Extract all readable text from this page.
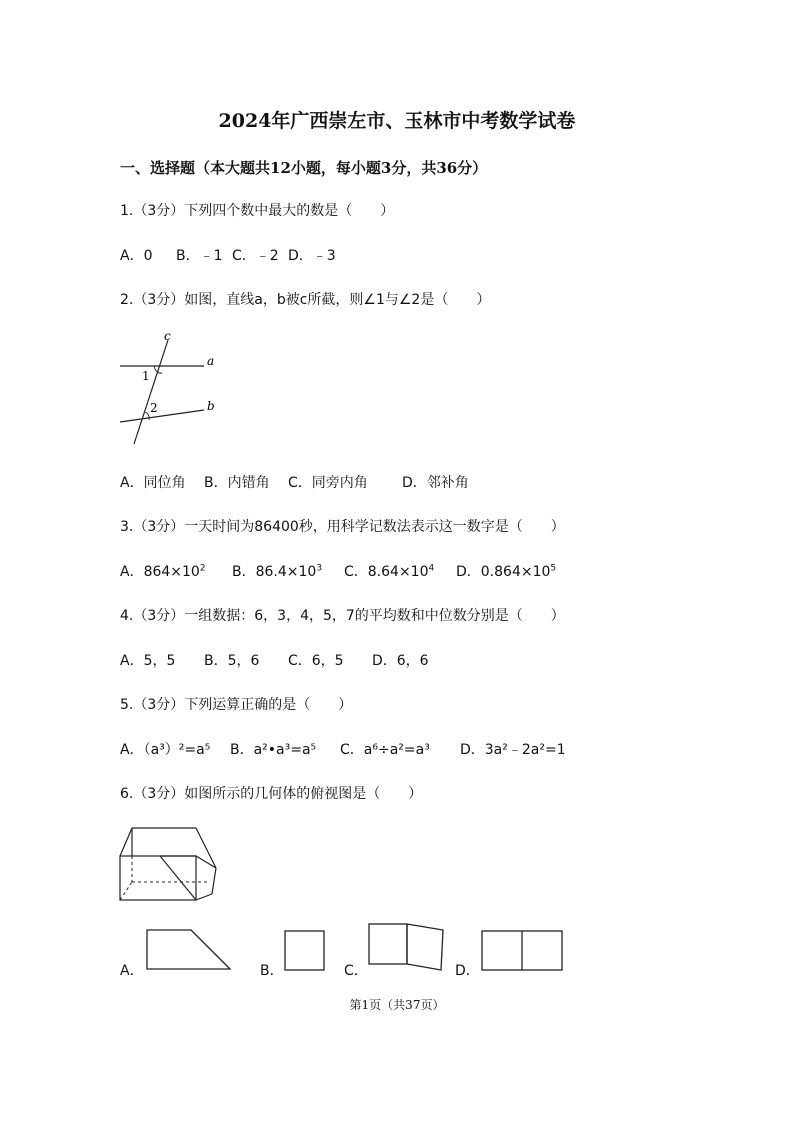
2024年广西崇左市、玉林市中考数学试卷
一、选择题（本大题共12小题，每小题3分，共36分）
1.（3分）下列四个数中最大的数是（　　）
A．0 B．﹣1 C．﹣2 D．﹣3
2.（3分）如图，直线a，b被c所截，则∠1与∠2是（　　）
c
a
b
1
2
A．同位角 B．内错角 C．同旁内角 D．邻补角
3.（3分）一天时间为86400秒，用科学记数法表示这一数字是（　　）
A．$864\times 10^2$ B．$86.4\times 10^3$ C．$8.64\times 10^4$ D．$0.864\times 10^5$
4.（3分）一组数据：6，3，4，5，7的平均数和中位数分别是（　　）
A．5，5 B．5，6 C．6，5 D．6，6
5.（3分）下列运算正确的是（　　）
A．（a³）²=a⁵ B．a²•a³=a⁵ C．a⁶÷a²=a³ D．3a²﹣2a²=1
6.（3分）如图所示的几何体的俯视图是（　　）
A．	B．	C．	D．
第1页（共37页）
